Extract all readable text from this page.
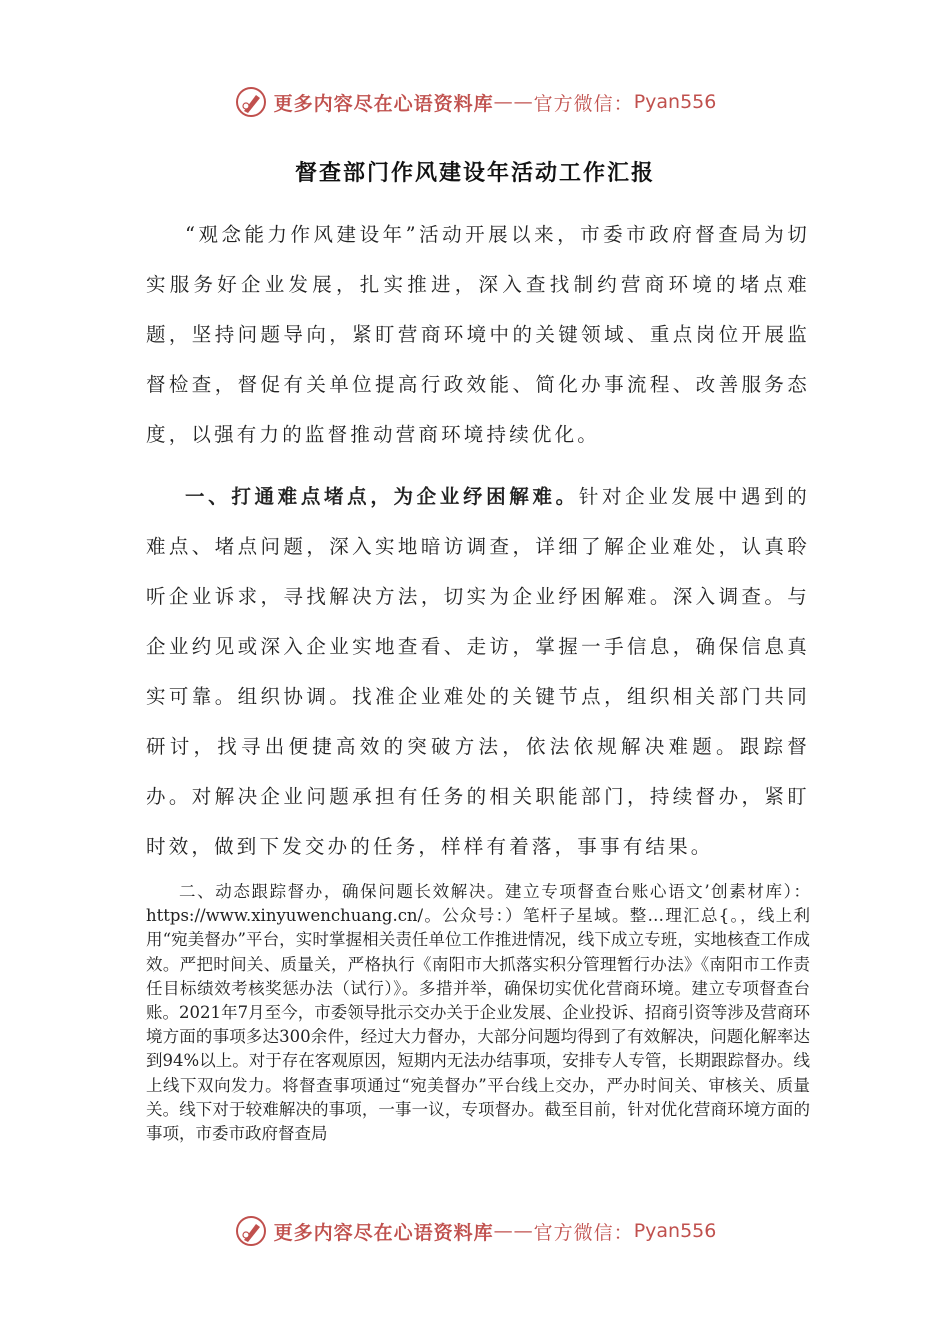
更多内容尽在心语资料库 —— 官方微信： Pyan556
督查部门作风建设年活动工作汇报

“观念能力作风建设年”活动开展以来，市委市政府督查局为切实服务好企业发展，扎实推进，深入查找制约营商环境的堵点难题，坚持问题导向，紧盯营商环境中的关键领域、重点岗位开展监督检查，督促有关单位提高行政效能、简化办事流程、改善服务态度，以强有力的监督推动营商环境持续优化。

一、打通难点堵点，为企业纾困解难。针对企业发展中遇到的难点、堵点问题，深入实地暗访调查，详细了解企业难处，认真聆听企业诉求，寻找解决方法，切实为企业纾困解难。深入调查。与企业约见或深入企业实地查看、走访，掌握一手信息，确保信息真实可靠。组织协调。找准企业难处的关键节点，组织相关部门共同研讨，找寻出便捷高效的突破方法，依法依规解决难题。跟踪督办。对解决企业问题承担有任务的相关职能部门，持续督办，紧盯时效，做到下发交办的任务，样样有着落，事事有结果。

二、动态跟踪督办，确保问题长效解决。建立专项督查台账心语文’创素材库）：https://www.xinyuwenchuang.cn/。公众号：）笔杆子星域。整…理汇总{。，线上利用“宛美督办”平台，实时掌握相关责任单位工作推进情况，线下成立专班，实地核查工作成效。严把时间关、质量关，严格执行《南阳市大抓落实积分管理暂行办法》《南阳市工作责任目标绩效考核奖惩办法（试行）》。多措并举，确保切实优化营商环境。建立专项督查台账。2021年7月至今，市委领导批示交办关于企业发展、企业投诉、招商引资等涉及营商环境方面的事项多达300余件，经过大力督办，大部分问题均得到了有效解决，问题化解率达到94%以上。对于存在客观原因，短期内无法办结事项，安排专人专管，长期跟踪督办。线上线下双向发力。将督查事项通过“宛美督办”平台线上交办，严办时间关、审核关、质量关。线下对于较难解决的事项，一事一议，专项督办。截至目前，针对优化营商环境方面的事项，市委市政府督查局

更多内容尽在心语资料库 —— 官方微信： Pyan556
